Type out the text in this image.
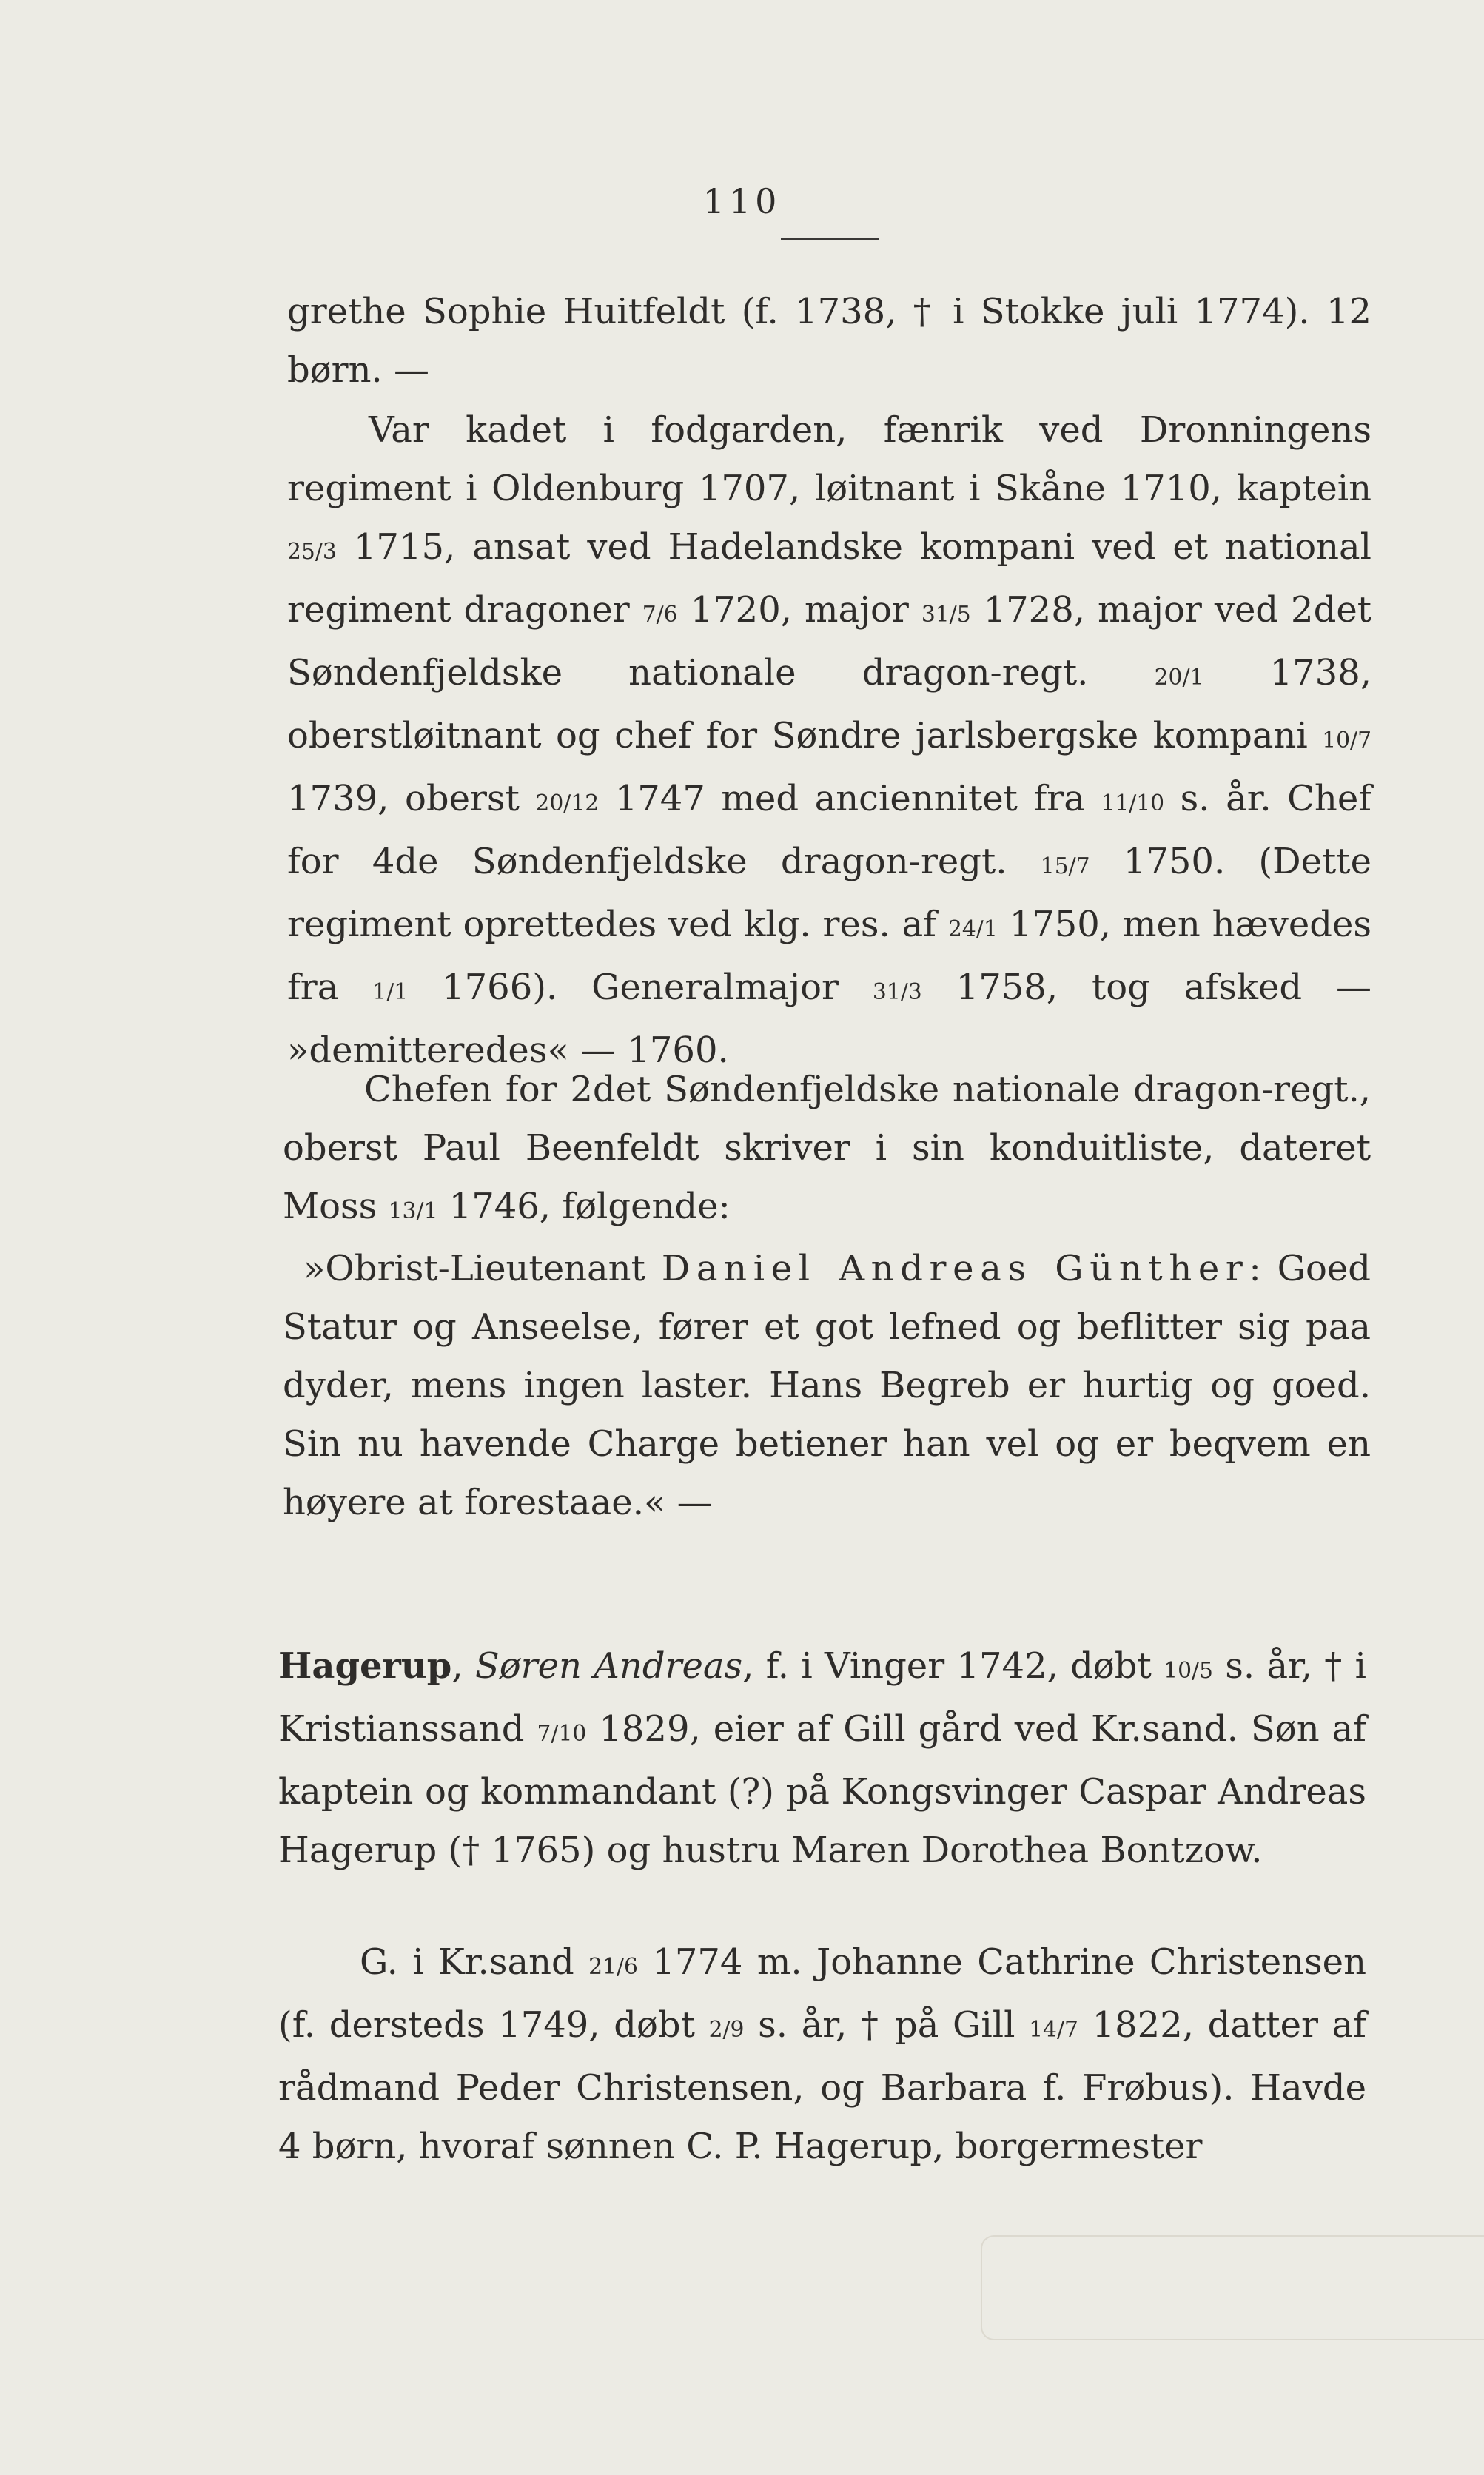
110

grethe Sophie Huitfeldt (f. 1738, † i Stokke juli 1774). 12 børn. —

Var kadet i fodgarden, fænrik ved Dronningens regiment i Oldenburg 1707, løitnant i Skåne 1710, kaptein 25/3 1715, ansat ved Hadelandske kompani ved et national regiment dragoner 7/6 1720, major 31/5 1728, major ved 2det Søndenfjeldske nationale dragon-regt. 20/1 1738, oberstløitnant og chef for Søndre jarlsbergske kompani 10/7 1739, oberst 20/12 1747 med anciennitet fra 11/10 s. år. Chef for 4de Søndenfjeldske dragon-regt. 15/7 1750. (Dette regiment oprettedes ved klg. res. af 24/1 1750, men hævedes fra 1/1 1766). Generalmajor 31/3 1758, tog afsked — »demitteredes« — 1760.

Chefen for 2det Søndenfjeldske nationale dragon-regt., oberst Paul Beenfeldt skriver i sin konduitliste, dateret Moss 13/1 1746, følgende:

»Obrist-Lieutenant Daniel Andreas Günther: Goed Statur og Anseelse, fører et got lefned og beflitter sig paa dyder, mens ingen laster. Hans Begreb er hurtig og goed. Sin nu havende Charge betiener han vel og er beqvem en høyere at forestaae.« —

Hagerup, Søren Andreas, f. i Vinger 1742, døbt 10/5 s. år, † i Kristianssand 7/10 1829, eier af Gill gård ved Kr.sand. Søn af kaptein og kommandant (?) på Kongsvinger Caspar Andreas Hagerup († 1765) og hustru Maren Dorothea Bontzow.

G. i Kr.sand 21/6 1774 m. Johanne Cathrine Christensen (f. dersteds 1749, døbt 2/9 s. år, † på Gill 14/7 1822, datter af rådmand Peder Christensen, og Barbara f. Frøbus). Havde 4 børn, hvoraf sønnen C. P. Hagerup, borgermester
